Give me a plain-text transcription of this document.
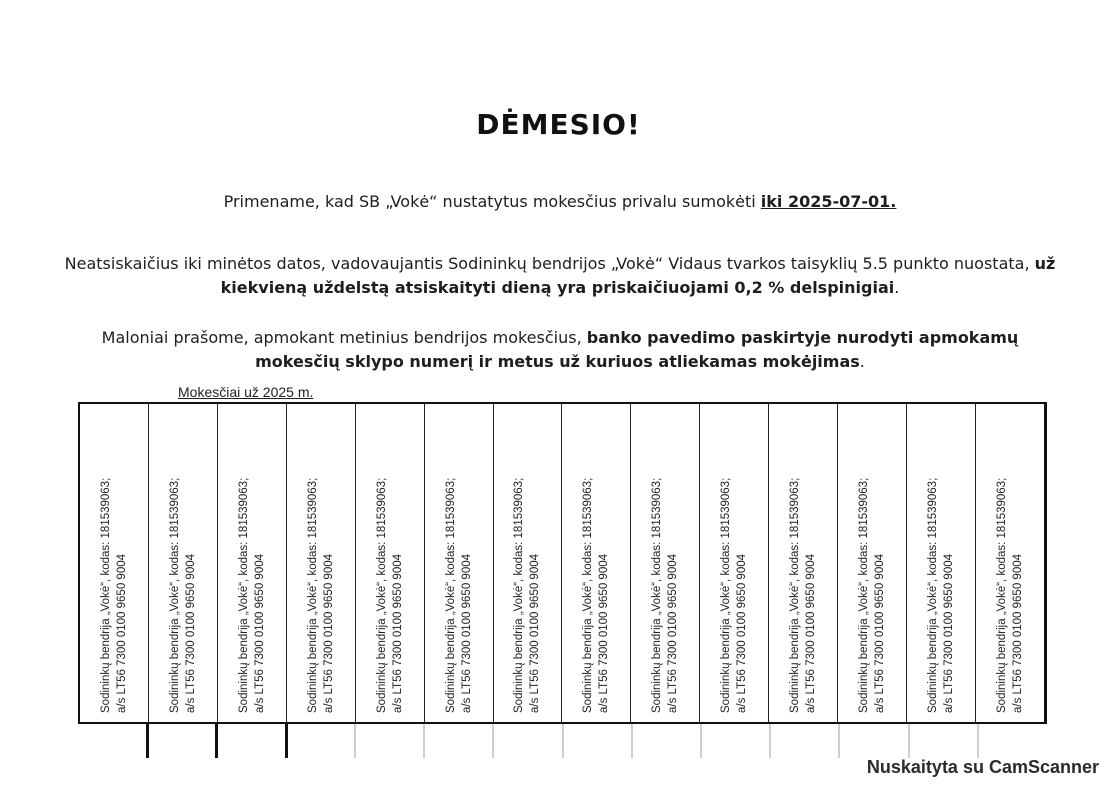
DĖMESIO!
Primename, kad SB „Vokė“ nustatytus mokesčius privalu sumokėti iki 2025-07-01.
Neatsiskaičius iki minėtos datos, vadovaujantis Sodininkų bendrijos „Vokė“ Vidaus tvarkos taisyklių 5.5 punkto nuostata, už kiekvieną uždelstą atsiskaityti dieną yra priskaičiuojami 0,2 % delspinigiai.
Maloniai prašome, apmokant metinius bendrijos mokesčius, banko pavedimo paskirtyje nurodyti apmokamų mokesčių sklypo numerį ir metus už kuriuos atliekamas mokėjimas.
Mokesčiai už 2025 m.
Sodininkų bendrija „Vokė“, kodas: 181539063; a/s LT56 7300 0100 9650 9004	Sodininkų bendrija „Vokė“, kodas: 181539063; a/s LT56 7300 0100 9650 9004	Sodininkų bendrija „Vokė“, kodas: 181539063; a/s LT56 7300 0100 9650 9004	Sodininkų bendrija „Vokė“, kodas: 181539063; a/s LT56 7300 0100 9650 9004	Sodininkų bendrija „Vokė“, kodas: 181539063; a/s LT56 7300 0100 9650 9004	Sodininkų bendrija „Vokė“, kodas: 181539063; a/s LT56 7300 0100 9650 9004	Sodininkų bendrija „Vokė“, kodas: 181539063; a/s LT56 7300 0100 9650 9004	Sodininkų bendrija „Vokė“, kodas: 181539063; a/s LT56 7300 0100 9650 9004	Sodininkų bendrija „Vokė“, kodas: 181539063; a/s LT56 7300 0100 9650 9004	Sodininkų bendrija „Vokė“, kodas: 181539063; a/s LT56 7300 0100 9650 9004	Sodininkų bendrija „Vokė“, kodas: 181539063; a/s LT56 7300 0100 9650 9004	Sodininkų bendrija „Vokė“, kodas: 181539063; a/s LT56 7300 0100 9650 9004	Sodininkų bendrija „Vokė“, kodas: 181539063; a/s LT56 7300 0100 9650 9004	Sodininkų bendrija „Vokė“, kodas: 181539063; a/s LT56 7300 0100 9650 9004
Nuskaityta su CamScanner
